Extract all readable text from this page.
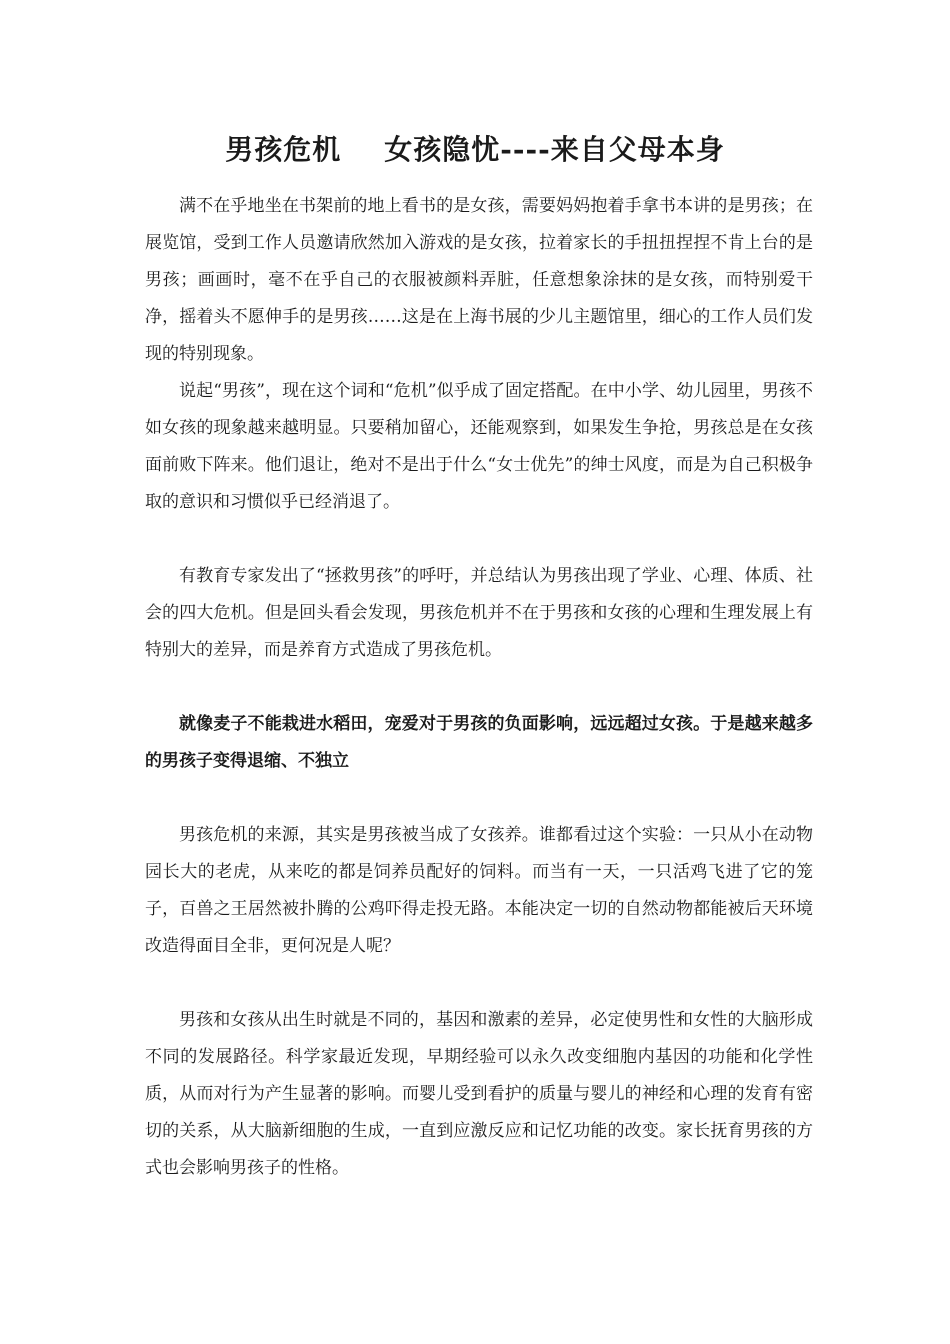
男孩危机    女孩隐忧----来自父母本身

满不在乎地坐在书架前的地上看书的是女孩，需要妈妈抱着手拿书本讲的是男孩；在展览馆，受到工作人员邀请欣然加入游戏的是女孩，拉着家长的手扭扭捏捏不肯上台的是男孩；画画时，毫不在乎自己的衣服被颜料弄脏，任意想象涂抹的是女孩，而特别爱干净，摇着头不愿伸手的是男孩……这是在上海书展的少儿主题馆里，细心的工作人员们发现的特别现象。

说起“男孩”，现在这个词和“危机”似乎成了固定搭配。在中小学、幼儿园里，男孩不如女孩的现象越来越明显。只要稍加留心，还能观察到，如果发生争抢，男孩总是在女孩面前败下阵来。他们退让，绝对不是出于什么“女士优先”的绅士风度，而是为自己积极争取的意识和习惯似乎已经消退了。

有教育专家发出了“拯救男孩”的呼吁，并总结认为男孩出现了学业、心理、体质、社会的四大危机。但是回头看会发现，男孩危机并不在于男孩和女孩的心理和生理发展上有特别大的差异，而是养育方式造成了男孩危机。

就像麦子不能栽进水稻田，宠爱对于男孩的负面影响，远远超过女孩。于是越来越多的男孩子变得退缩、不独立

男孩危机的来源，其实是男孩被当成了女孩养。谁都看过这个实验：一只从小在动物园长大的老虎，从来吃的都是饲养员配好的饲料。而当有一天，一只活鸡飞进了它的笼子，百兽之王居然被扑腾的公鸡吓得走投无路。本能决定一切的自然动物都能被后天环境改造得面目全非，更何况是人呢？

男孩和女孩从出生时就是不同的，基因和激素的差异，必定使男性和女性的大脑形成不同的发展路径。科学家最近发现，早期经验可以永久改变细胞内基因的功能和化学性质，从而对行为产生显著的影响。而婴儿受到看护的质量与婴儿的神经和心理的发育有密切的关系，从大脑新细胞的生成，一直到应激反应和记忆功能的改变。家长抚育男孩的方式也会影响男孩子的性格。
